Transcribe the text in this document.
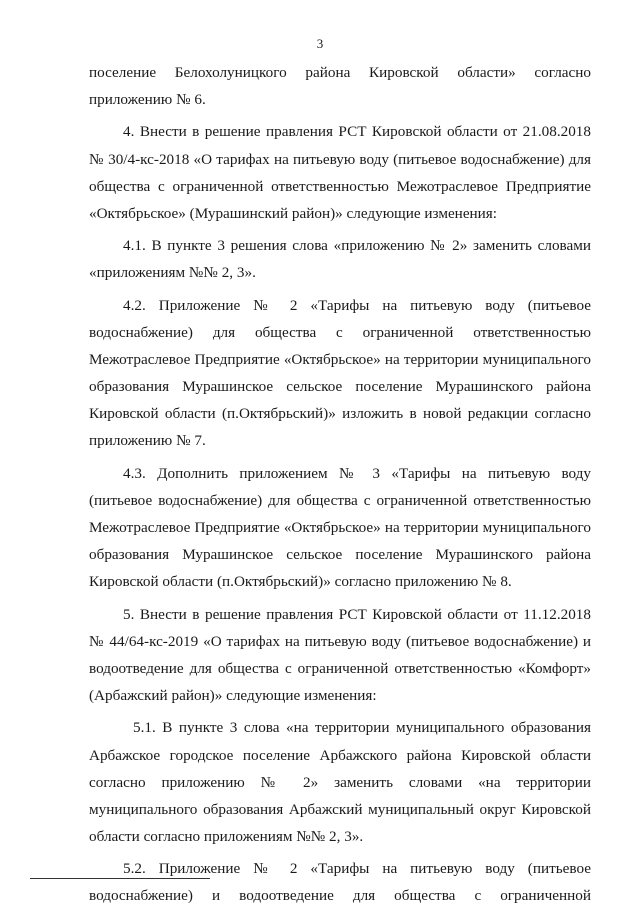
3
поселение Белохолуницкого района Кировской области» согласно
приложению № 6.
4. Внести в решение правления РСТ Кировской области от 21.08.2018
№ 30/4-кс-2018 «О тарифах на питьевую воду (питьевое водоснабжение) для
общества с ограниченной ответственностью Межотраслевое Предприятие
«Октябрьское» (Мурашинский район)» следующие изменения:
4.1. В пункте 3 решения слова «приложению № 2» заменить словами
«приложениям №№ 2, 3».
4.2. Приложение № 2 «Тарифы на питьевую воду (питьевое
водоснабжение) для общества с ограниченной ответственностью
Межотраслевое Предприятие «Октябрьское» на территории муниципального
образования Мурашинское сельское поселение Мурашинского района
Кировской области (п.Октябрьский)» изложить в новой редакции согласно
приложению № 7.
4.3. Дополнить приложением № 3 «Тарифы на питьевую воду
(питьевое водоснабжение) для общества с ограниченной ответственностью
Межотраслевое Предприятие «Октябрьское» на территории муниципального
образования Мурашинское сельское поселение Мурашинского района
Кировской области (п.Октябрьский)» согласно приложению № 8.
5. Внести в решение правления РСТ Кировской области от 11.12.2018
№ 44/64-кс-2019 «О тарифах на питьевую воду (питьевое водоснабжение) и
водоотведение для общества с ограниченной ответственностью «Комфорт»
(Арбажский район)» следующие изменения:
5.1. В пункте 3 слова «на территории муниципального образования
Арбажское городское поселение Арбажского района Кировской области
согласно приложению № 2» заменить словами «на территории
муниципального образования Арбажский муниципальный округ Кировской
области согласно приложениям №№ 2, 3».
5.2. Приложение № 2 «Тарифы на питьевую воду (питьевое
водоснабжение) и водоотведение для общества с ограниченной
